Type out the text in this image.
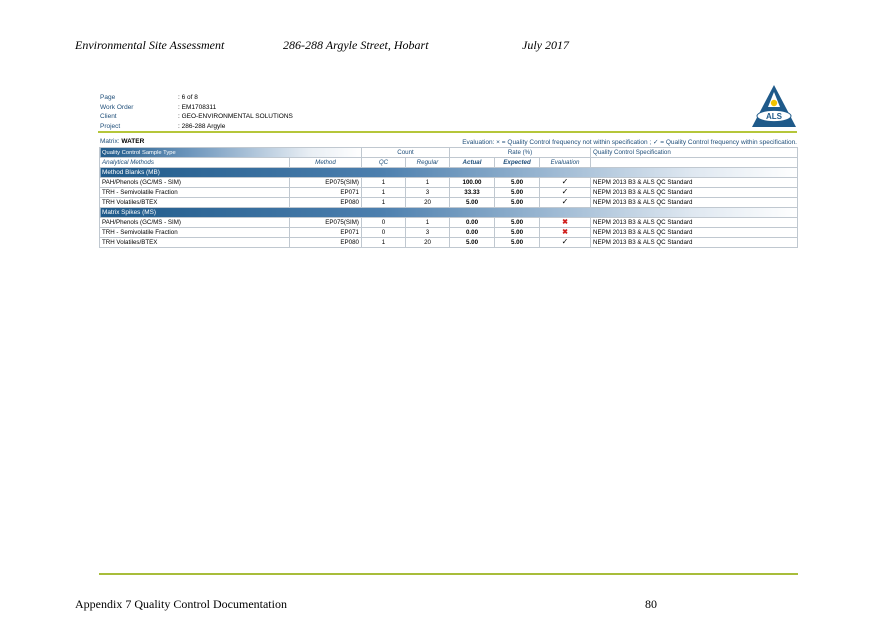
Environmental Site Assessment	286-288 Argyle Street, Hobart	July 2017
Page	: 6 of 8
Work Order	: EM1708311
Client	: GEO-ENVIRONMENTAL SOLUTIONS
Project	: 286-288 Argyle
ALS
Matrix: WATER	Evaluation: × = Quality Control frequency not within specification ; ✓ = Quality Control frequency within specification.
Quality Control Sample Type		Count		Rate (%)			Quality Control Specification
Analytical Methods	Method	QC	Regular	Actual	Expected	Evaluation	
Method Blanks (MB)							
PAH/Phenols (GC/MS - SIM)	EP075(SIM)	1	1	100.00	5.00	✓	NEPM 2013 B3 & ALS QC Standard
TRH - Semivolatile Fraction	EP071	1	3	33.33	5.00	✓	NEPM 2013 B3 & ALS QC Standard
TRH Volatiles/BTEX	EP080	1	20	5.00	5.00	✓	NEPM 2013 B3 & ALS QC Standard
Matrix Spikes (MS)							
PAH/Phenols (GC/MS - SIM)	EP075(SIM)	0	1	0.00	5.00	✖	NEPM 2013 B3 & ALS QC Standard
TRH - Semivolatile Fraction	EP071	0	3	0.00	5.00	✖	NEPM 2013 B3 & ALS QC Standard
TRH Volatiles/BTEX	EP080	1	20	5.00	5.00	✓	NEPM 2013 B3 & ALS QC Standard
Appendix 7 Quality Control Documentation	80
